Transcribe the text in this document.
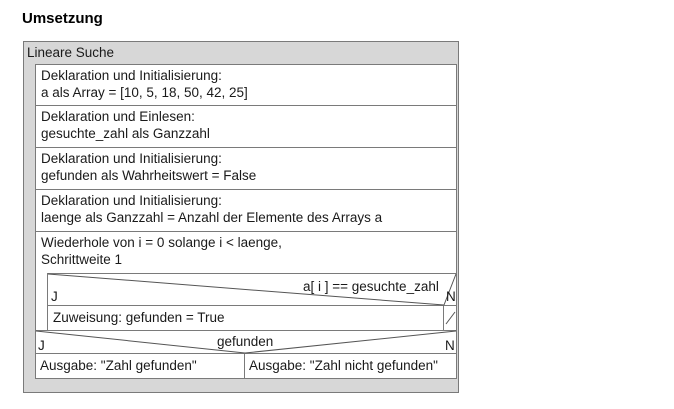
Umsetzung
Lineare Suche
Deklaration und Initialisierung:
a als Array = [10, 5, 18, 50, 42, 25]
Deklaration und Einlesen:
gesuchte_zahl als Ganzzahl
Deklaration und Initialisierung:
gefunden als Wahrheitswert = False
Deklaration und Initialisierung:
laenge als Ganzzahl = Anzahl der Elemente des Arrays a
Wiederhole von i = 0 solange i < laenge,
Schrittweite 1
a[ i ] == gesuchte_zahl
J	N
Zuweisung: gefunden = True
gefunden
J	N
Ausgabe: "Zahl gefunden"	Ausgabe: "Zahl nicht gefunden"
